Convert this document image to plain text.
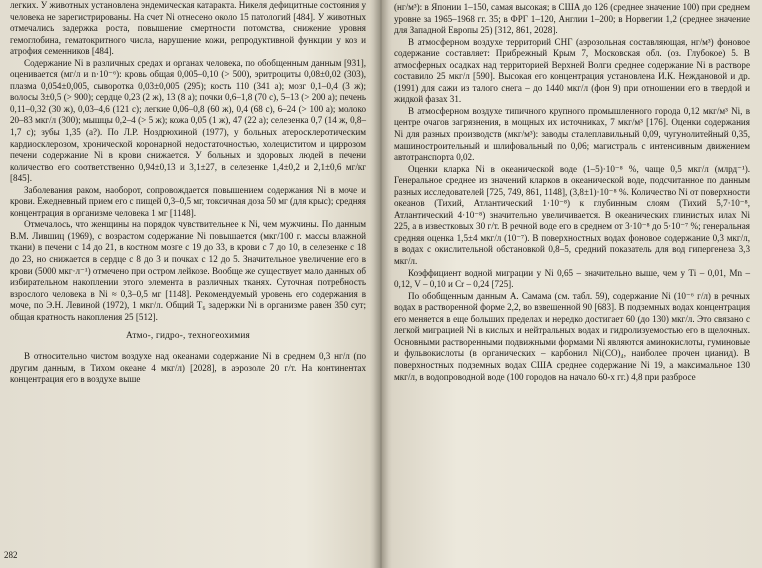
легких. У животных установлена эндемическая катаракта. Никеля дефицитные состояния у человека не зарегистрированы. На счет Ni отнесено около 15 патологий [484]. У животных отмечались задержка роста, повышение смертности потомства, снижение уровня гемоглобина, гематокритного числа, нарушение кожи, репродуктивной функции у коз и атрофия семенников [484].

Содержание Ni в различных средах и органах человека, по обобщенным данным [931], оценивается (мг/л и n·10⁻⁶): кровь общая 0,005–0,10 (> 500), эритроциты 0,08±0,02 (303), плазма 0,054±0,005, сыворотка 0,03±0,005 (295); кость 110 (341 а); мозг 0,1–0,4 (3 ж); волосы 3±0,5 (> 900); сердце 0,23 (2 ж), 13 (8 а); почки 0,6–1,8 (70 с), 5–13 (> 200 а); печень 0,11–0,32 (30 ж), 0,03–4,6 (121 с); легкие 0,06–0,8 (60 ж), 0,4 (68 с), 6–24 (> 100 а); молоко 20–83 мкг/л (300); мышцы 0,2–4 (> 5 ж); кожа 0,05 (1 ж), 47 (22 а); селезенка 0,7 (14 ж, 0,8–1,7 с); зубы 1,35 (а?). По Л.Р. Ноздрюхиной (1977), у больных атеросклеротическим кардиосклерозом, хронической коронарной недостаточностью, холециститом и циррозом печени содержание Ni в крови снижается. У больных и здоровых людей в печени количество его соответственно 0,94±0,13 и 3,1±27, в селезенке 1,4±0,2 и 2,1±0,6 мг/кг [845].

Заболевания раком, наоборот, сопровождается повышением содержания Ni в моче и крови. Ежедневный прием его с пищей 0,3–0,5 мг, токсичная доза 50 мг (для крыс); средняя концентрация в организме человека 1 мг [1148].

Отмечалось, что женщины на порядок чувствительнее к Ni, чем мужчины. По данным В.М. Лившиц (1969), с возрастом содержание Ni повышается (мкг/100 г. массы влажной ткани) в печени с 14 до 21, в костном мозге с 19 до 33, в крови с 7 до 10, в селезенке с 18 до 23, но снижается в сердце с 8 до 3 и почках с 12 до 5. Значительное увеличение его в крови (5000 мкг·л⁻¹) отмечено при остром лейкозе. Вообще же существует мало данных об избирательном накоплении этого элемента в различных тканях. Суточная потребность взрослого человека в Ni ≈ 0,3–0,5 мг [1148]. Рекомендуемый уровень его содержания в моче, по Э.Н. Левиной (1972), 1 мкг/л. Общий Т₆ задержки Ni в организме равен 350 сут; общая кратность накопления 25 [512].

Атмо-, гидро-, техногеохимия

В относительно чистом воздухе над океанами содержание Ni в среднем 0,3 нг/л (по другим данным, в Тихом океане 4 мкг/л) [2028], в аэрозоле 20 г/т. На континентах концентрация его в воздухе выше

282

(нг/м³): в Японии 1–150, самая высокая; в США до 126 (среднее значение 100) при среднем уровне за 1965–1968 гг. 35; в ФРГ 1–120, Англии 1–200; в Норвегии 1,2 (среднее значение для Западной Европы 25) [312, 861, 2028].

В атмосферном воздухе территорий СНГ (аэрозольная составляющая, нг/м³) фоновое содержание составляет: Прибрежный Крым 7, Московская обл. (оз. Глубокое) 5. В атмосферных осадках над территорией Верхней Волги среднее содержание Ni в растворе составило 25 мкг/л [590]. Высокая его концентрация установлена И.К. Неждановой и др. (1991) для сажи из талого снега – до 1440 мкг/л (фон 9) при отношении его в твердой и жидкой фазах 31.

В атмосферном воздухе типичного крупного промышленного города 0,12 мкг/м³ Ni, в центре очагов загрязнения, в мощных их источниках, 7 мкг/м³ [176]. Оценки содержания Ni для разных производств (мкг/м³): заводы сталеплавильный 0,09, чугунолитейный 0,35, машиностроительный и шлифовальный по 0,06; магистраль с интенсивным движением автотранспорта 0,02.

Оценки кларка Ni в океанической воде (1–5)·10⁻⁸ %, чаще 0,5 мкг/л (млрд⁻¹). Генеральное среднее из значений кларков в океанической воде, подсчитанное по данным разных исследователей [725, 749, 861, 1148], (3,8±1)·10⁻⁸ %. Количество Ni от поверхности океанов (Тихий, Атлантический 1·10⁻⁸) к глубинным слоям (Тихий 5,7·10⁻⁸, Атлантический 4·10⁻⁸) значительно увеличивается. В океанических глинистых илах Ni 225, а в известковых 30 г/т. В речной воде его в среднем от 3·10⁻⁸ до 5·10⁻⁷ %; генеральная средняя оценка 1,5±4 мкг/л (10⁻⁷). В поверхностных водах фоновое содержание 0,3 мкг/л, в водах с окислительной обстановкой 0,8–5, средний показатель для вод гипергенеза 3,3 мкг/л.

Коэффициент водной миграции у Ni 0,65 – значительно выше, чем у Ti – 0,01, Mn – 0,12, V – 0,10 и Cr – 0,24 [725].

По обобщенным данным А. Самама (см. табл. 59), содержание Ni (10⁻⁶ г/л) в речных водах в растворенной форме 2,2, во взвешенной 90 [683]. В подземных водах концентрация его меняется в еще больших пределах и нередко достигает 60 (до 130) мкг/л. Это связано с легкой миграцией Ni в кислых и нейтральных водах и гидролизуемостью его в щелочных. Основными растворенными подвижными формами Ni являются аминокислоты, гуминовые и фульвокислоты (в органических – карбонил Ni(CO)₄, наиболее прочен цианид). В поверхностных подземных водах США среднее содержание Ni 19, а максимальное 130 мкг/л, в водопроводной воде (100 городов на начало 60-х гг.) 4,8 при разбросе
